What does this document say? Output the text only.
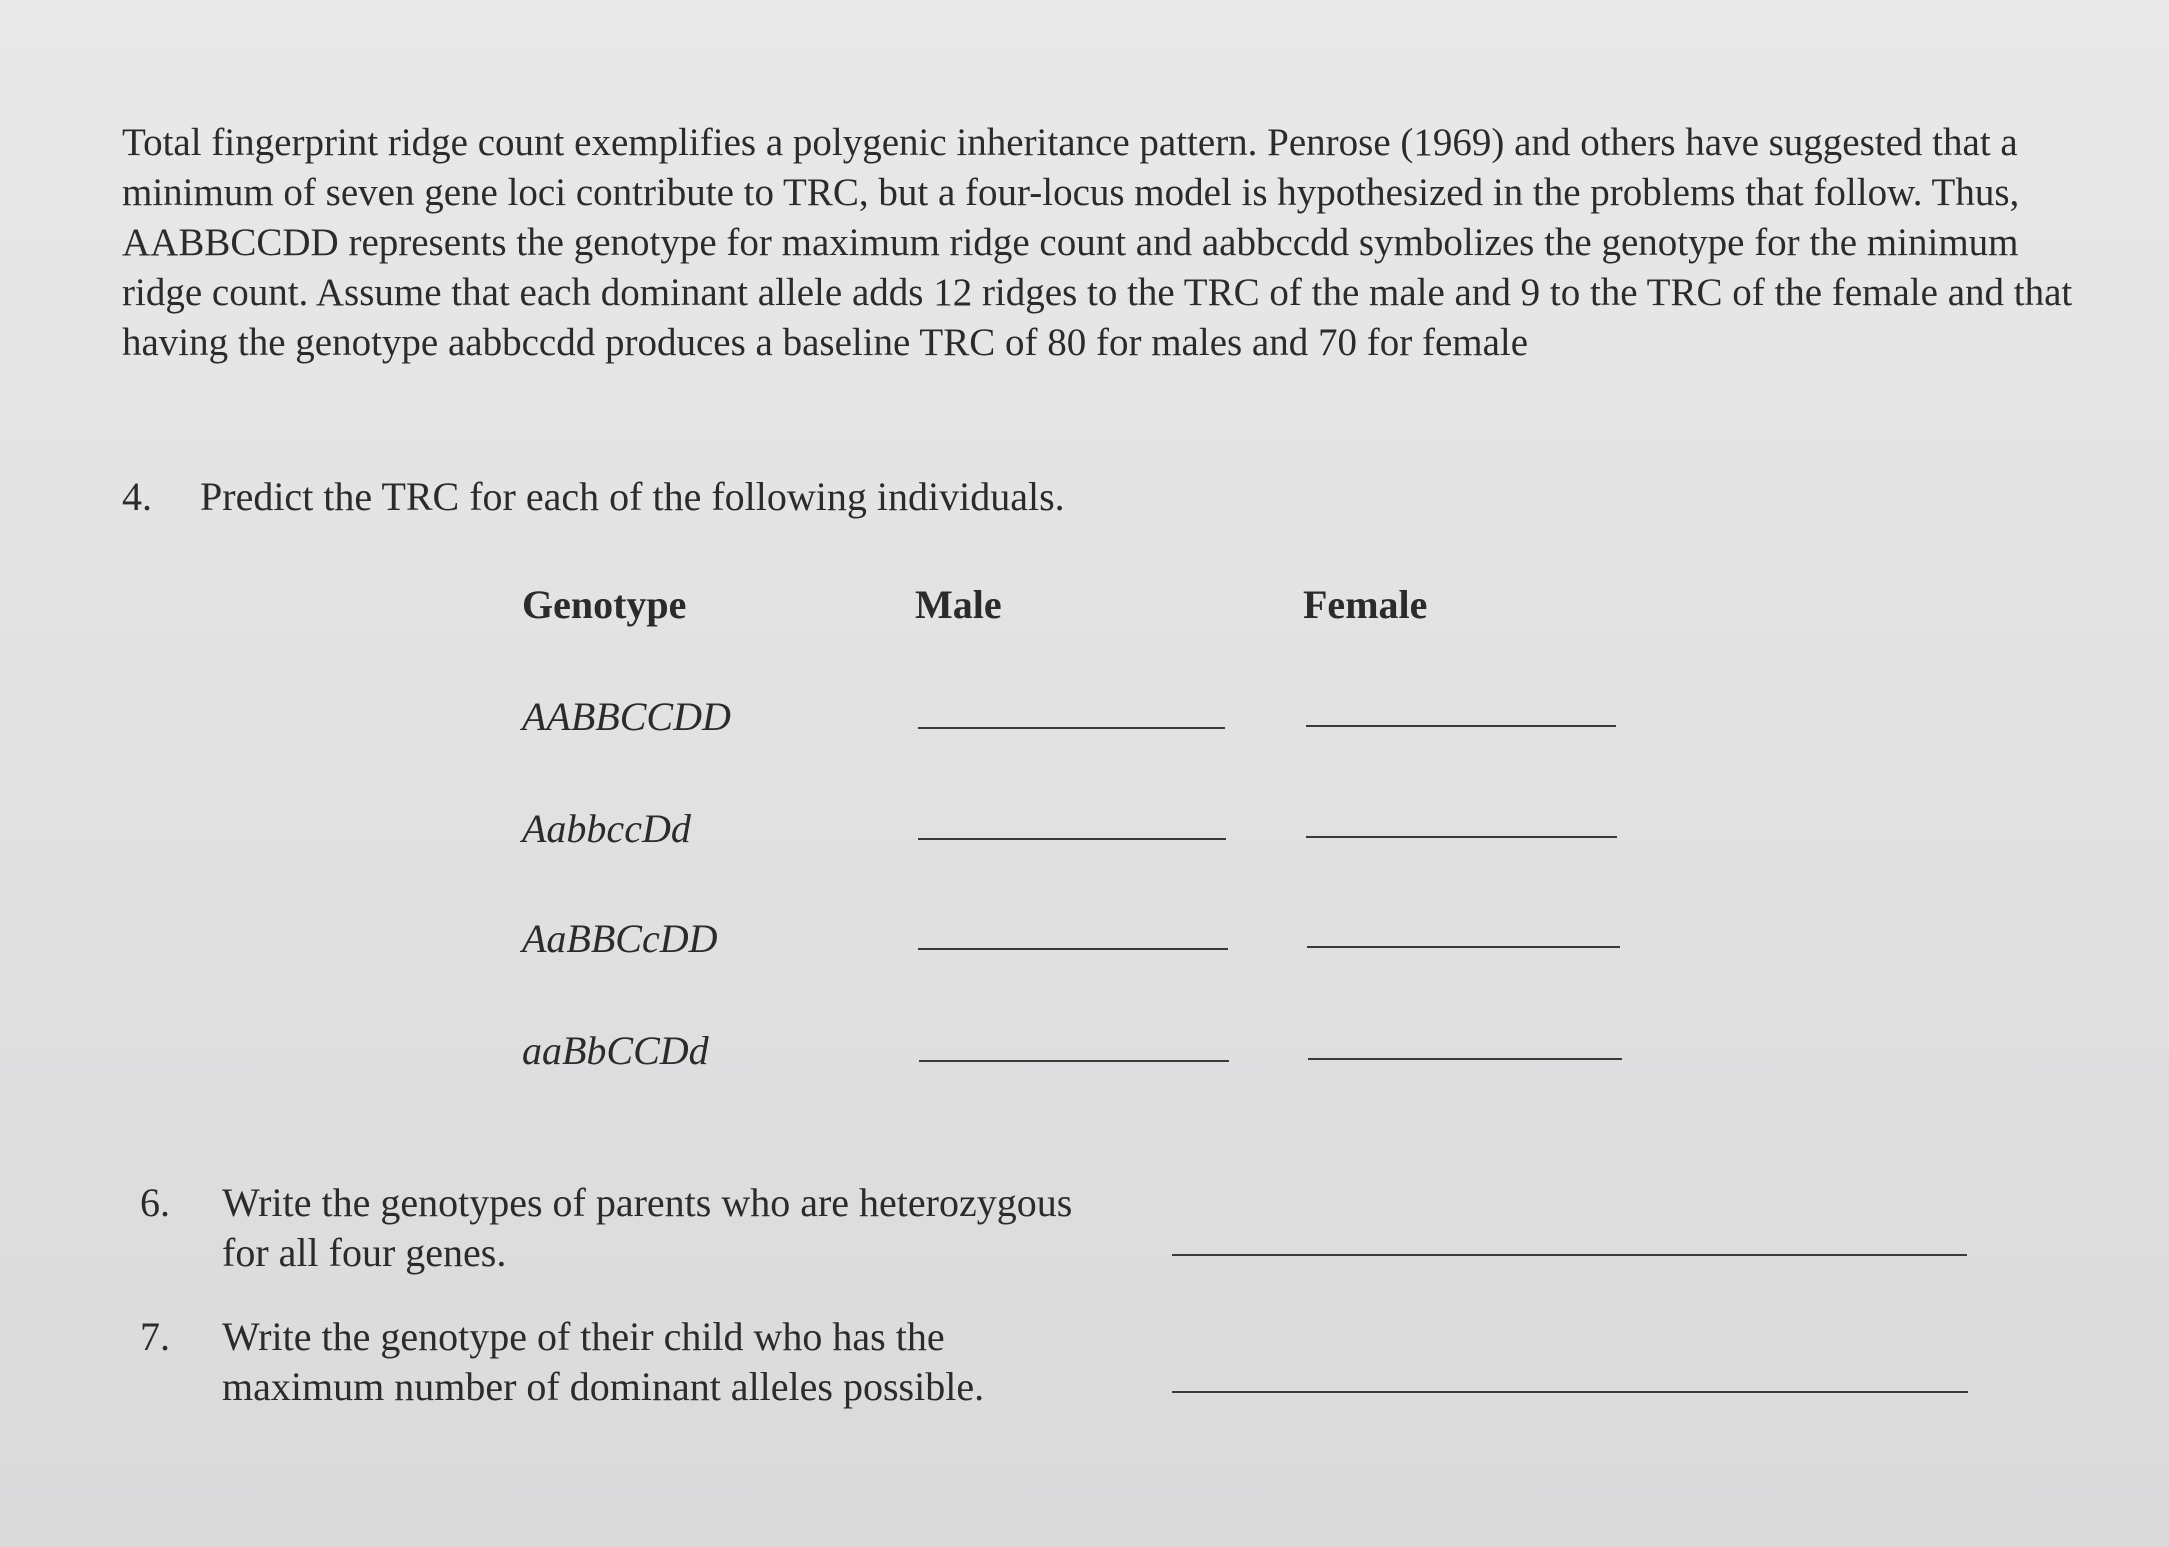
Total fingerprint ridge count exemplifies a polygenic inheritance pattern. Penrose (1969) and others have suggested that a minimum of seven gene loci contribute to TRC, but a four-locus model is hypothesized in the problems that follow. Thus, AABBCCDD represents the genotype for maximum ridge count and aabbccdd symbolizes the genotype for the minimum ridge count. Assume that each dominant allele adds 12 ridges to the TRC of the male and 9 to the TRC of the female and that having the genotype aabbccdd produces a baseline TRC of 80 for males and 70 for female

4. Predict the TRC for each of the following individuals.
Genotype	Male	Female
AABBCCDD
AabbccDd
AaBBCcDD
aaBbCCDd
6. Write the genotypes of parents who are heterozygous
for all four genes.
7. Write the genotype of their child who has the
maximum number of dominant alleles possible.
